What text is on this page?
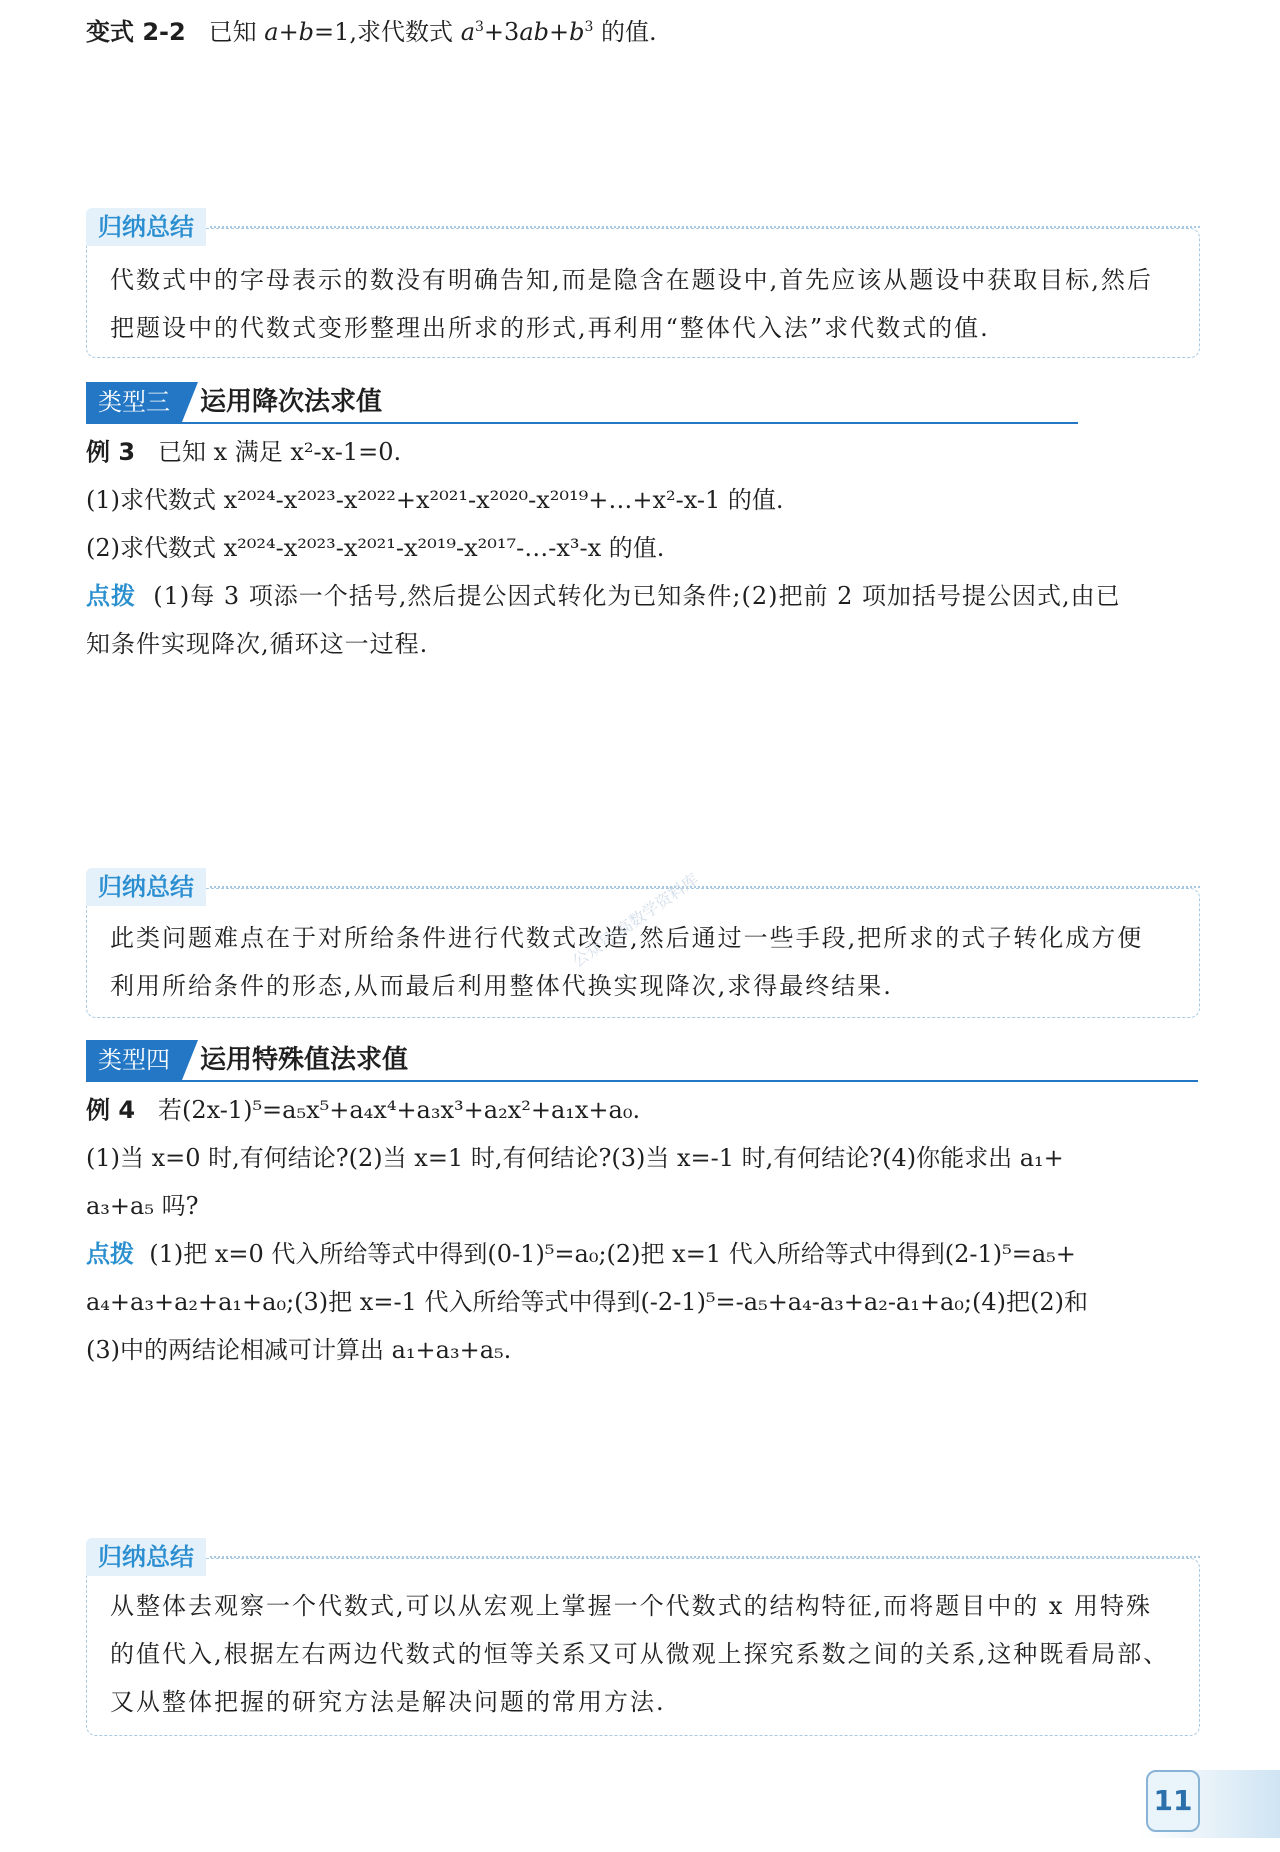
变式 2-2 已知 a+b=1,求代数式 $a^3+3ab+b^3$ 的值.
归纳总结
代数式中的字母表示的数没有明确告知,而是隐含在题设中,首先应该从题设中获取目标,然后
把题设中的代数式变形整理出所求的形式,再利用“整体代入法”求代数式的值.
类型三	运用降次法求值
例 3 已知 x 满足 x²-x-1=0.
(1)求代数式 x²⁰²⁴-x²⁰²³-x²⁰²²+x²⁰²¹-x²⁰²⁰-x²⁰¹⁹+…+x²-x-1 的值.
(2)求代数式 x²⁰²⁴-x²⁰²³-x²⁰²¹-x²⁰¹⁹-x²⁰¹⁷-…-x³-x 的值.
点拨 (1)每 3 项添一个括号,然后提公因式转化为已知条件;(2)把前 2 项加括号提公因式,由已
知条件实现降次,循环这一过程.
归纳总结
此类问题难点在于对所给条件进行代数式改造,然后通过一些手段,把所求的式子转化成方便
利用所给条件的形态,从而最后利用整体代换实现降次,求得最终结果.
公众号:高数学资料库
类型四	运用特殊值法求值
例 4 若(2x-1)⁵=a₅x⁵+a₄x⁴+a₃x³+a₂x²+a₁x+a₀.
(1)当 x=0 时,有何结论?(2)当 x=1 时,有何结论?(3)当 x=-1 时,有何结论?(4)你能求出 a₁+
a₃+a₅ 吗?
点拨 (1)把 x=0 代入所给等式中得到(0-1)⁵=a₀;(2)把 x=1 代入所给等式中得到(2-1)⁵=a₅+
a₄+a₃+a₂+a₁+a₀;(3)把 x=-1 代入所给等式中得到(-2-1)⁵=-a₅+a₄-a₃+a₂-a₁+a₀;(4)把(2)和
(3)中的两结论相减可计算出 a₁+a₃+a₅.
归纳总结
从整体去观察一个代数式,可以从宏观上掌握一个代数式的结构特征,而将题目中的 x 用特殊
的值代入,根据左右两边代数式的恒等关系又可从微观上探究系数之间的关系,这种既看局部、
又从整体把握的研究方法是解决问题的常用方法.
11
